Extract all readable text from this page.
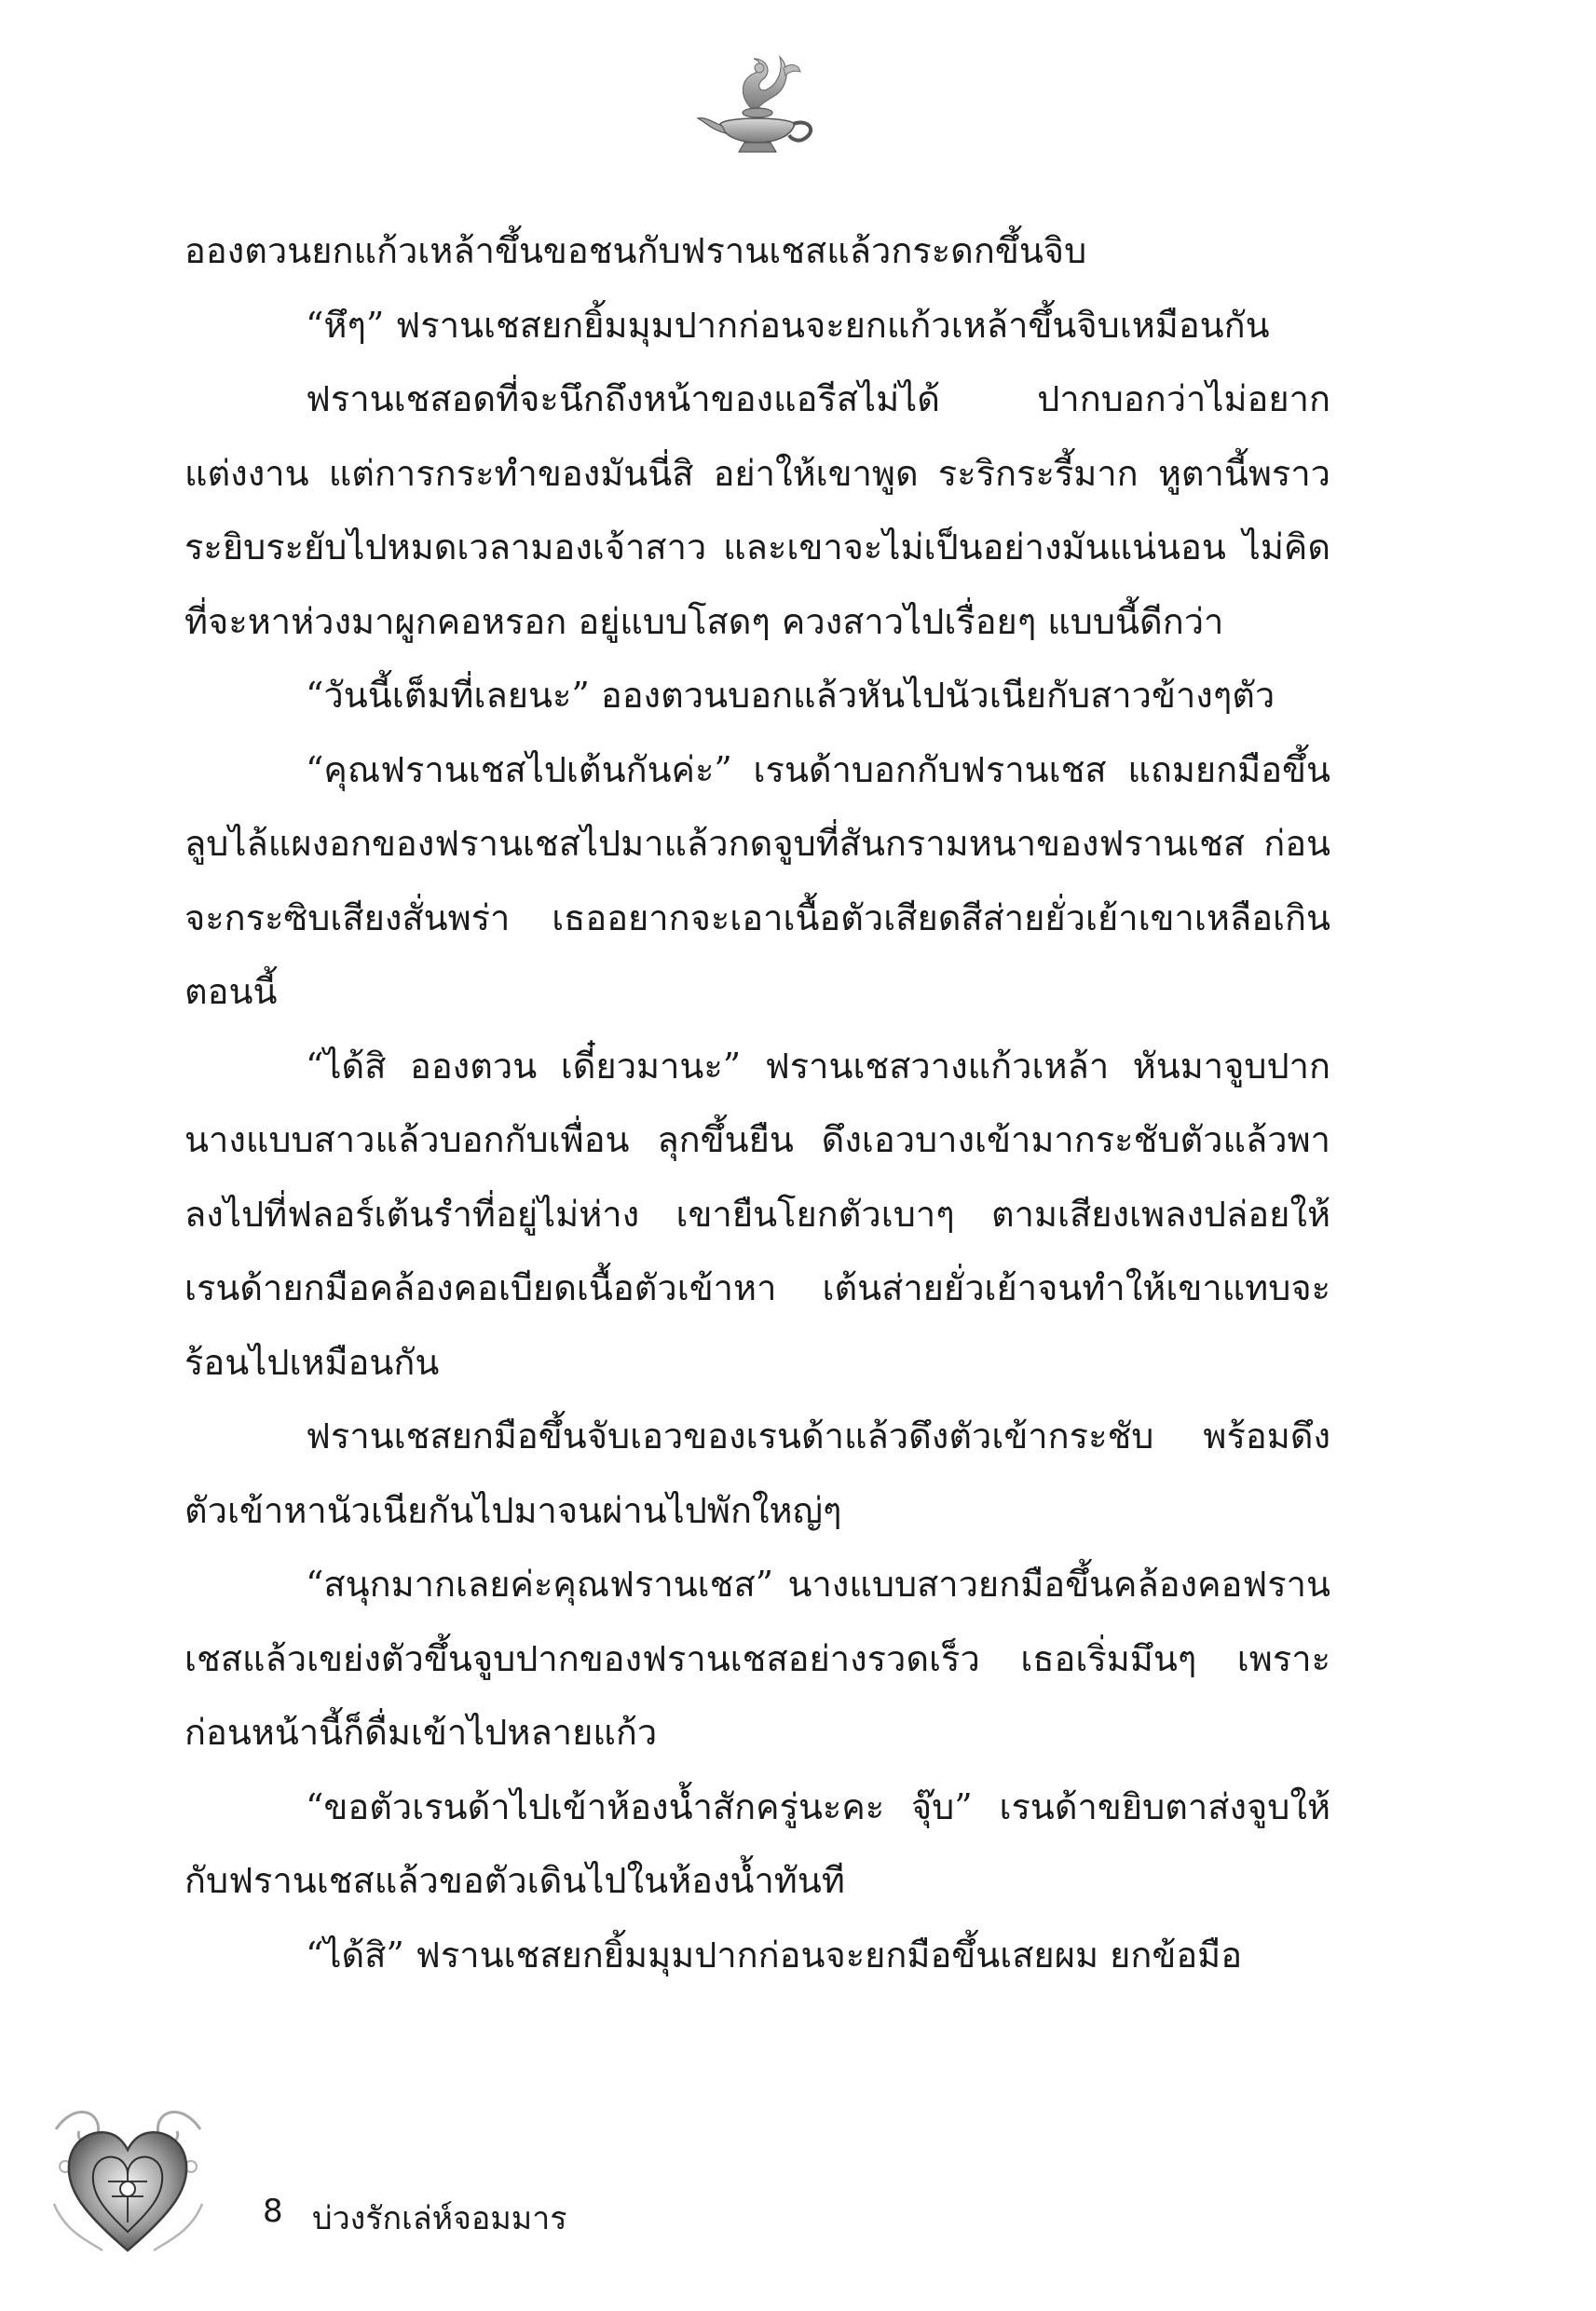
อองตวนยกแก้วเหล้าขึ้นขอชนกับฟรานเชสแล้วกระดกขึ้นจิบ

“หึๆ” ฟรานเชสยกยิ้มมุมปากก่อนจะยกแก้วเหล้าขึ้นจิบเหมือนกัน

ฟรานเชสอดที่จะนึกถึงหน้าของแอรีสไม่ได้ ปากบอกว่าไม่อยากแต่งงาน แต่การกระทำของมันนี่สิ อย่าให้เขาพูด ระริกระรี้มาก หูตานี้พราวระยิบระยับไปหมดเวลามองเจ้าสาว และเขาจะไม่เป็นอย่างมันแน่นอน ไม่คิดที่จะหาห่วงมาผูกคอหรอก อยู่แบบโสดๆ ควงสาวไปเรื่อยๆ แบบนี้ดีกว่า

“วันนี้เต็มที่เลยนะ” อองตวนบอกแล้วหันไปนัวเนียกับสาวข้างๆตัว

“คุณฟรานเชสไปเต้นกันค่ะ” เรนด้าบอกกับฟรานเชส แถมยกมือขึ้นลูบไล้แผงอกของฟรานเชสไปมาแล้วกดจูบที่สันกรามหนาของฟรานเชส ก่อนจะกระซิบเสียงสั่นพร่า เธออยากจะเอาเนื้อตัวเสียดสีส่ายยั่วเย้าเขาเหลือเกินตอนนี้

“ได้สิ อองตวน เดี๋ยวมานะ” ฟรานเชสวางแก้วเหล้า หันมาจูบปากนางแบบสาวแล้วบอกกับเพื่อน ลุกขึ้นยืน ดึงเอวบางเข้ามากระชับตัวแล้วพาลงไปที่ฟลอร์เต้นรำที่อยู่ไม่ห่าง เขายืนโยกตัวเบาๆ ตามเสียงเพลงปล่อยให้เรนด้ายกมือคล้องคอเบียดเนื้อตัวเข้าหา เต้นส่ายยั่วเย้าจนทำให้เขาแทบจะร้อนไปเหมือนกัน

ฟรานเชสยกมือขึ้นจับเอวของเรนด้าแล้วดึงตัวเข้ากระชับ พร้อมดึงตัวเข้าหานัวเนียกันไปมาจนผ่านไปพักใหญ่ๆ

“สนุกมากเลยค่ะคุณฟรานเชส” นางแบบสาวยกมือขึ้นคล้องคอฟรานเชสแล้วเขย่งตัวขึ้นจูบปากของฟรานเชสอย่างรวดเร็ว เธอเริ่มมึนๆ เพราะก่อนหน้านี้ก็ดื่มเข้าไปหลายแก้ว

“ขอตัวเรนด้าไปเข้าห้องน้ำสักครู่นะคะ จุ๊บ” เรนด้าขยิบตาส่งจูบให้กับฟรานเชสแล้วขอตัวเดินไปในห้องน้ำทันที

“ได้สิ” ฟรานเชสยกยิ้มมุมปากก่อนจะยกมือขึ้นเสยผม ยกข้อมือ

8 บ่วงรักเล่ห์จอมมาร
